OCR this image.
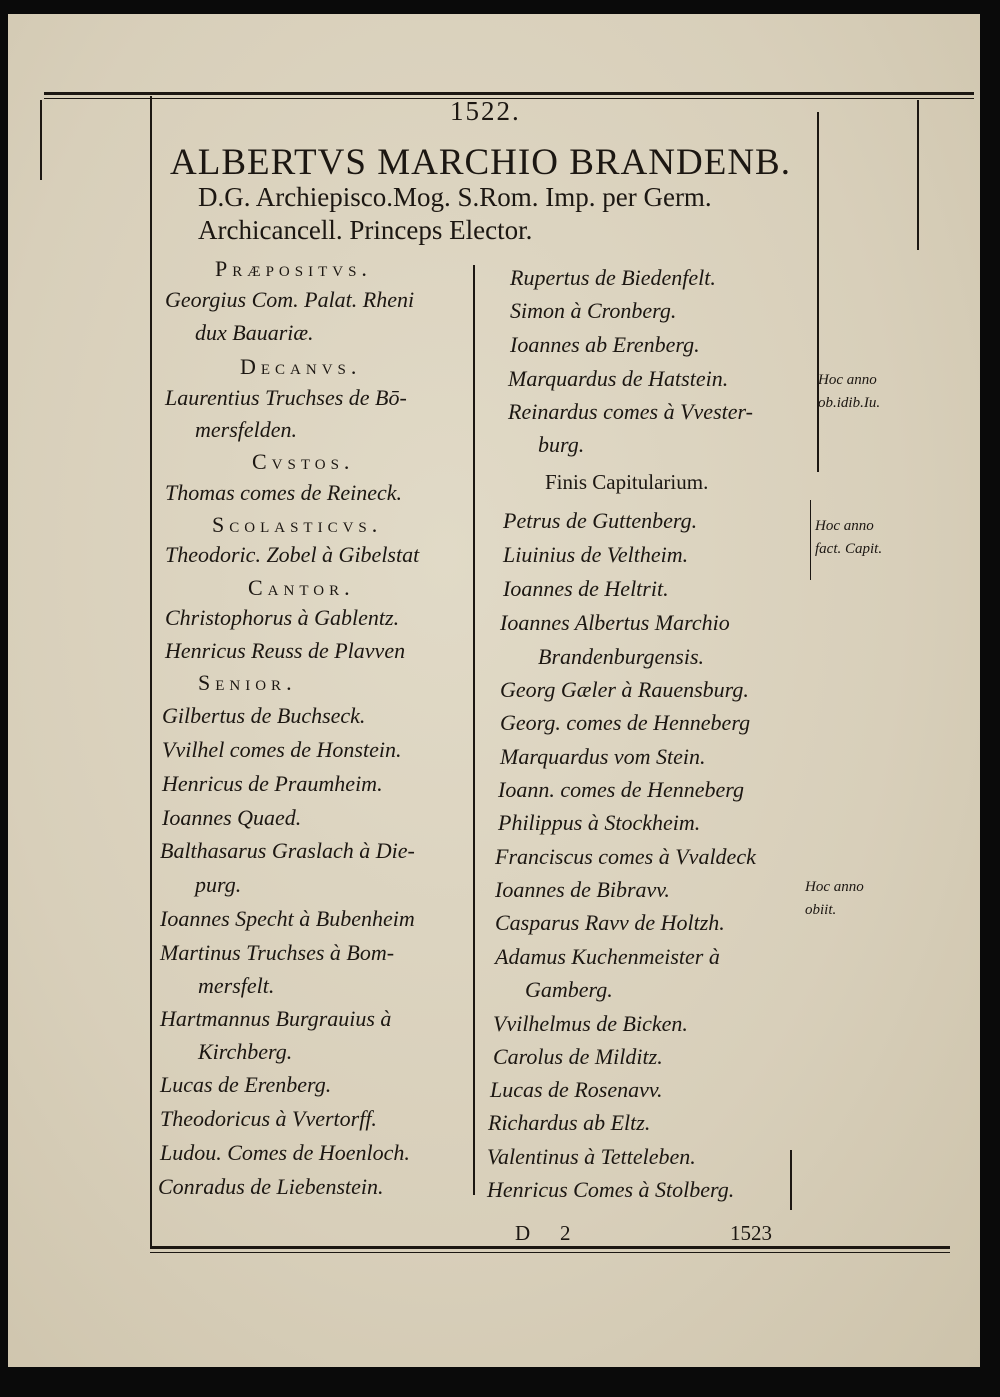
1522.
ALBERTVS MARCHIO BRANDENB.
D.G. Archiepisco.Mog. S.Rom. Imp. per Germ.
Archicancell. Princeps Elector.
Præpositvs.
Georgius Com. Palat. Rheni
dux Bauariæ.
Decanvs.
Laurentius Truchses de Bō-
mersfelden.
Cvstos.
Thomas comes de Reineck.
Scolasticvs.
Theodoric. Zobel à Gibelstat
Cantor.
Christophorus à Gablentz.
Henricus Reuss de Plavven
Senior.
Gilbertus de Buchseck.
Vvilhel comes de Honstein.
Henricus de Praumheim.
Ioannes Quaed.
Balthasarus Graslach à Die-
purg.
Ioannes Specht à Bubenheim
Martinus Truchses à Bom-
mersfelt.
Hartmannus Burgrauius à
Kirchberg.
Lucas de Erenberg.
Theodoricus à Vvertorff.
Ludou. Comes de Hoenloch.
Conradus de Liebenstein.
Rupertus de Biedenfelt.
Simon à Cronberg.
Ioannes ab Erenberg.
Marquardus de Hatstein.
Reinardus comes à Vvester-
burg.
Finis Capitularium.
Petrus de Guttenberg.
Liuinius de Veltheim.
Ioannes de Heltrit.
Ioannes Albertus Marchio
Brandenburgensis.
Georg Gæler à Rauensburg.
Georg. comes de Henneberg
Marquardus vom Stein.
Ioann. comes de Henneberg
Philippus à Stockheim.
Franciscus comes à Vvaldeck
Ioannes de Bibravv.
Casparus Ravv de Holtzh.
Adamus Kuchenmeister à
Gamberg.
Vvilhelmus de Bicken.
Carolus de Milditz.
Lucas de Rosenavv.
Richardus ab Eltz.
Valentinus à Tetteleben.
Henricus Comes à Stolberg.
Hoc anno
ob.idib.Iu.
Hoc anno
fact. Capit.
Hoc anno
obiit.
D 2	1523
